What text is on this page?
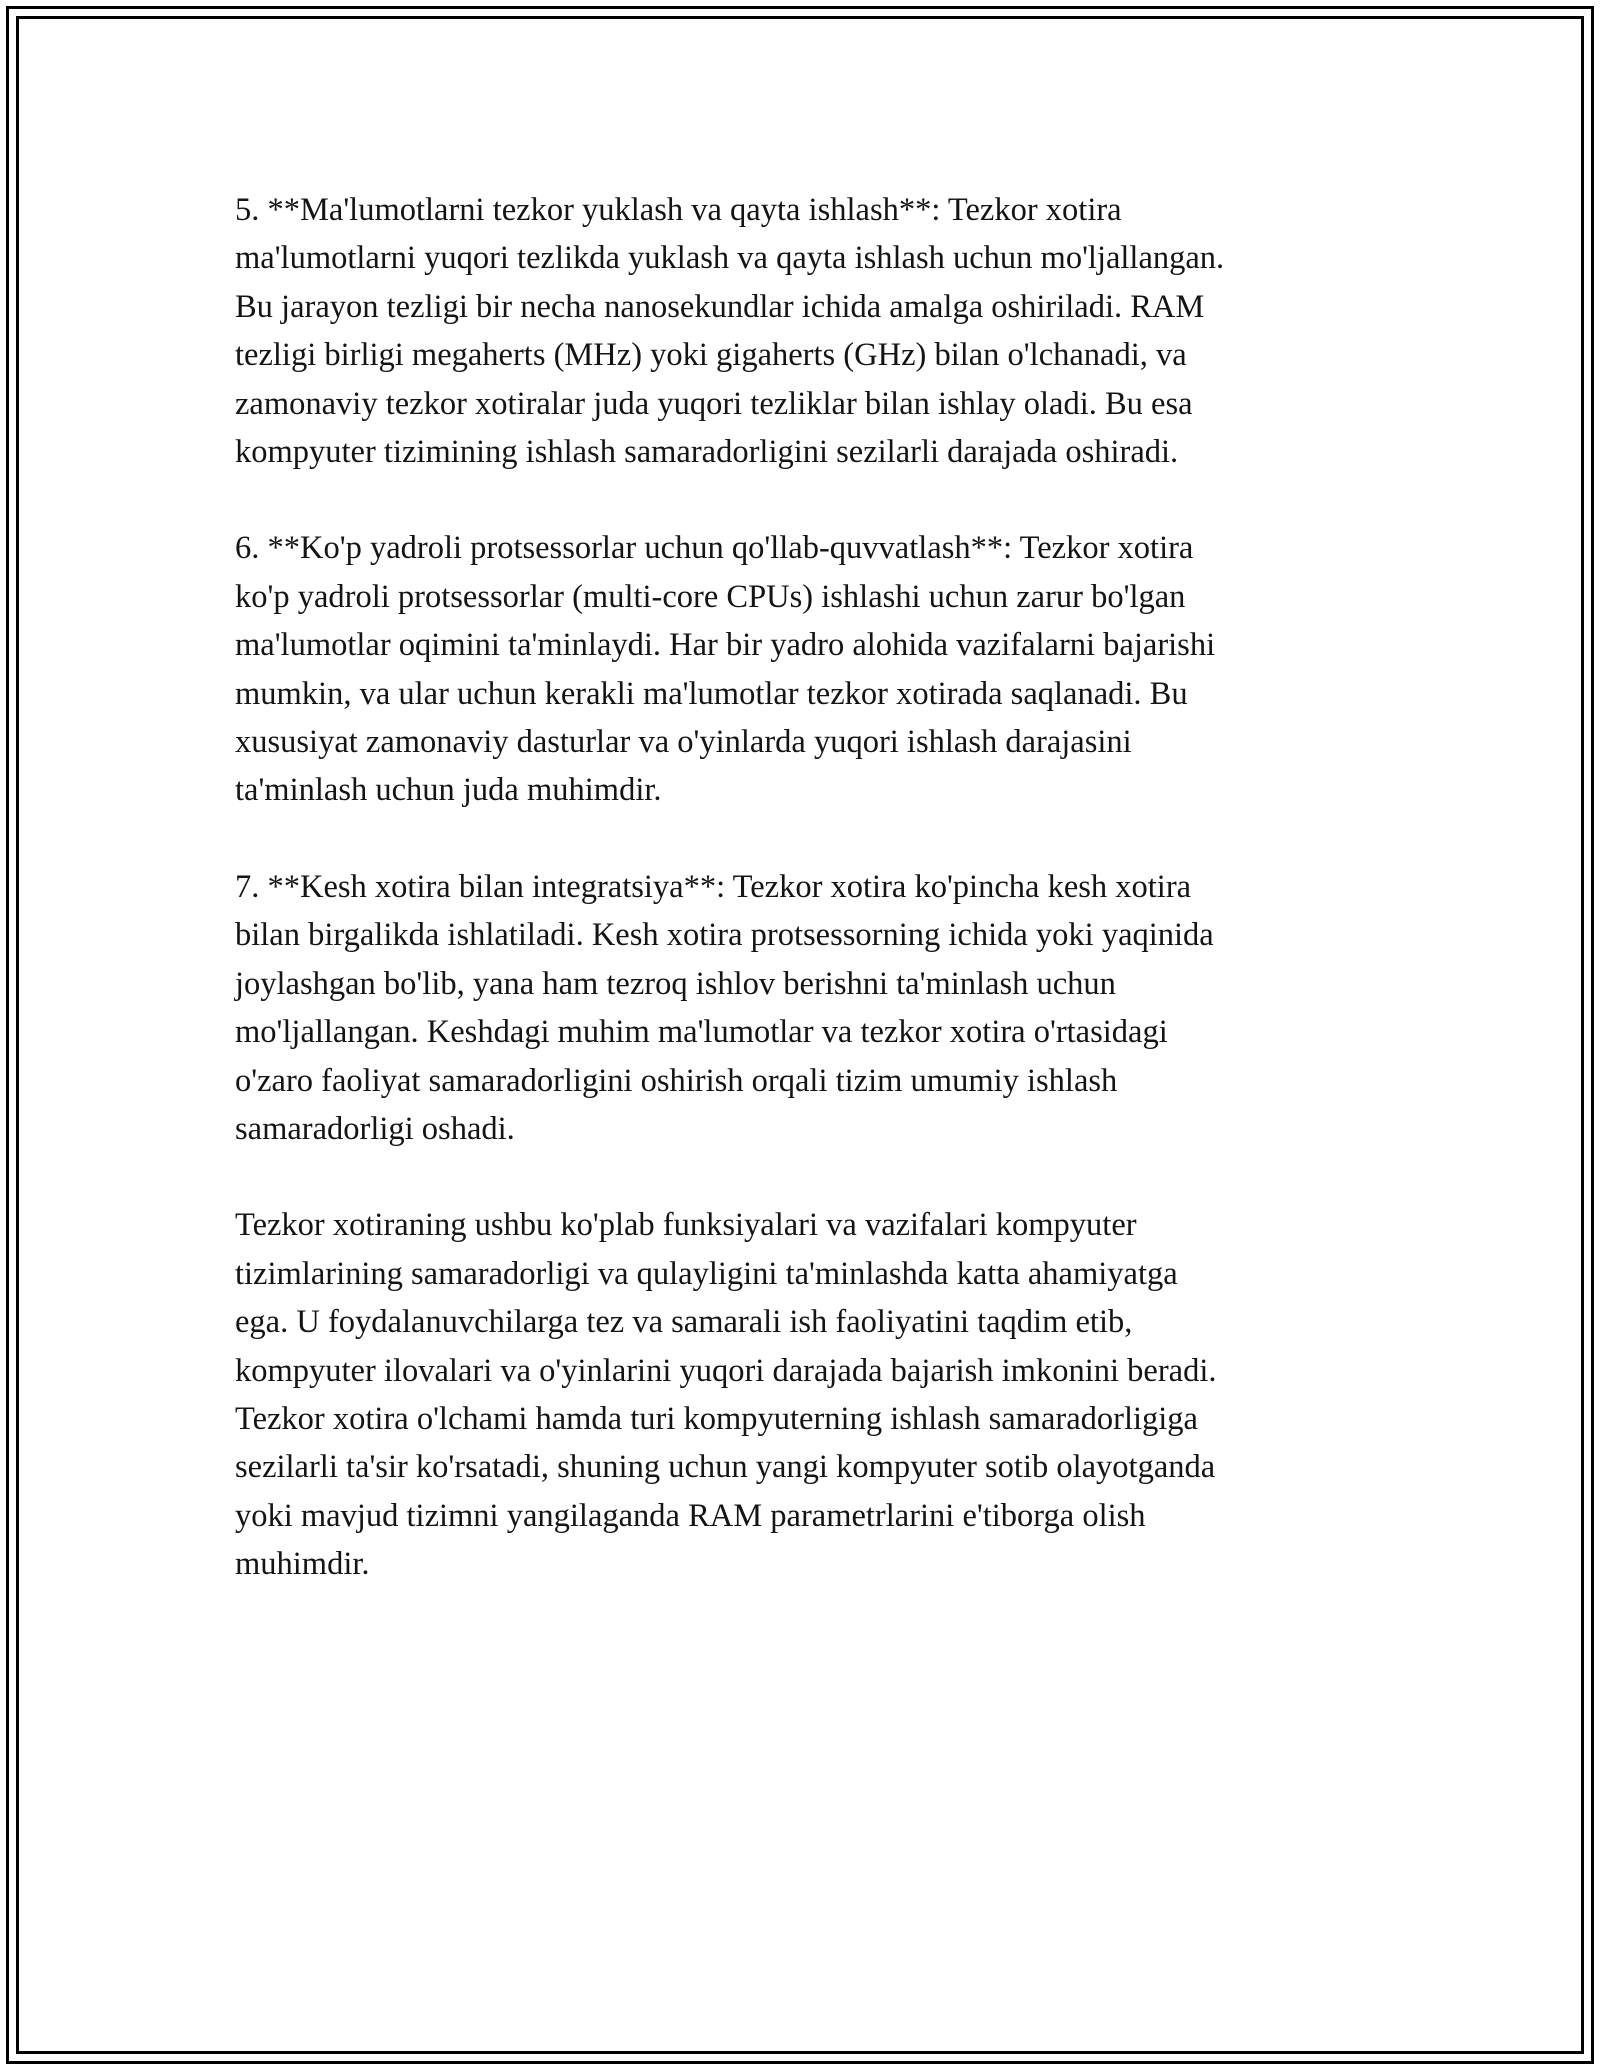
5. **Ma'lumotlarni tezkor yuklash va qayta ishlash**: Tezkor xotira
ma'lumotlarni yuqori tezlikda yuklash va qayta ishlash uchun mo'ljallangan.
Bu jarayon tezligi bir necha nanosekundlar ichida amalga oshiriladi. RAM
tezligi birligi megaherts (MHz) yoki gigaherts (GHz) bilan o'lchanadi, va
zamonaviy tezkor xotiralar juda yuqori tezliklar bilan ishlay oladi. Bu esa
kompyuter tizimining ishlash samaradorligini sezilarli darajada oshiradi.

6. **Ko'p yadroli protsessorlar uchun qo'llab-quvvatlash**: Tezkor xotira
ko'p yadroli protsessorlar (multi-core CPUs) ishlashi uchun zarur bo'lgan
ma'lumotlar oqimini ta'minlaydi. Har bir yadro alohida vazifalarni bajarishi
mumkin, va ular uchun kerakli ma'lumotlar tezkor xotirada saqlanadi. Bu
xususiyat zamonaviy dasturlar va o'yinlarda yuqori ishlash darajasini
ta'minlash uchun juda muhimdir.

7. **Kesh xotira bilan integratsiya**: Tezkor xotira ko'pincha kesh xotira
bilan birgalikda ishlatiladi. Kesh xotira protsessorning ichida yoki yaqinida
joylashgan bo'lib, yana ham tezroq ishlov berishni ta'minlash uchun
mo'ljallangan. Keshdagi muhim ma'lumotlar va tezkor xotira o'rtasidagi
o'zaro faoliyat samaradorligini oshirish orqali tizim umumiy ishlash
samaradorligi oshadi.

Tezkor xotiraning ushbu ko'plab funksiyalari va vazifalari kompyuter
tizimlarining samaradorligi va qulayligini ta'minlashda katta ahamiyatga
ega. U foydalanuvchilarga tez va samarali ish faoliyatini taqdim etib,
kompyuter ilovalari va o'yinlarini yuqori darajada bajarish imkonini beradi.
Tezkor xotira o'lchami hamda turi kompyuterning ishlash samaradorligiga
sezilarli ta'sir ko'rsatadi, shuning uchun yangi kompyuter sotib olayotganda
yoki mavjud tizimni yangilaganda RAM parametrlarini e'tiborga olish
muhimdir.
